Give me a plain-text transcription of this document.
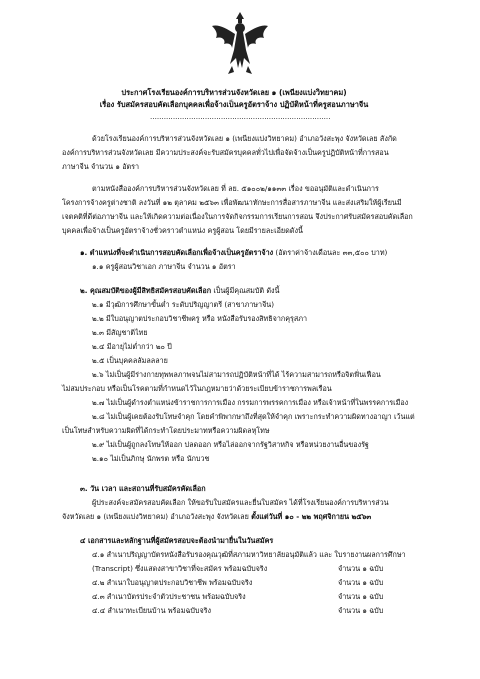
ประกาศโรงเรียนองค์การบริหารส่วนจังหวัดเลย ๑ (เพนียงแบ่งวิทยาคม)
เรื่อง รับสมัครสอบคัดเลือกบุคคลเพื่อจ้างเป็นครูอัตราจ้าง ปฏิบัติหน้าที่ครูสอนภาษาจีน
...............................................................................
ด้วยโรงเรียนองค์การบริหารส่วนจังหวัดเลย ๑ (เพนียงแบ่งวิทยาคม) อำเภอวังสะพุง จังหวัดเลย สังกัด
องค์การบริหารส่วนจังหวัดเลย มีความประสงค์จะรับสมัครบุคคลทั่วไปเพื่อจัดจ้างเป็นครูปฏิบัติหน้าที่การสอน
ภาษาจีน จำนวน ๑ อัตรา
ตามหนังสือองค์การบริหารส่วนจังหวัดเลย ที่ ลย. ๕๑๐๐๒/๑๑๓๓ เรื่อง ขออนุมัติและดำเนินการ
โครงการจ้างครูต่างชาติ ลงวันที่ ๑๒ ตุลาคม ๒๕๖๓ เพื่อพัฒนาทักษะการสื่อสารภาษาจีน และส่งเสริมให้ผู้เรียนมี
เจตคติที่ดีต่อภาษาจีน และให้เกิดความต่อเนื่องในการจัดกิจกรรมการเรียนการสอน จึงประกาศรับสมัครสอบคัดเลือก
บุคคลเพื่อจ้างเป็นครูอัตราจ้างชั่วคราวตำแหน่ง ครูผู้สอน โดยมีรายละเอียดดังนี้
๑. ตำแหน่งที่จะดำเนินการสอบคัดเลือกเพื่อจ้างเป็นครูอัตราจ้าง (อัตราค่าจ้างเดือนละ ๓๓,๕๐๐ บาท)
๑.๑ ครูผู้สอนวิชาเอก ภาษาจีน จำนวน ๑ อัตรา
๒. คุณสมบัติของผู้มีสิทธิสมัครสอบคัดเลือก เป็นผู้มีคุณสมบัติ ดังนี้
๒.๑ มีวุฒิการศึกษาขั้นต่ำ ระดับปริญญาตรี (สาขาภาษาจีน)
๒.๒ มีใบอนุญาตประกอบวิชาชีพครู หรือ หนังสือรับรองสิทธิจากคุรุสภา
๒.๓ มีสัญชาติไทย
๒.๔ มีอายุไม่ต่ำกว่า ๒๐ ปี
๒.๕ เป็นบุคคลลัมลลลาย
๒.๖ ไม่เป็นผู้มีร่างกายทุพพลภาพจนไม่สามารถปฏิบัติหน้าที่ได้ ไร้ความสามารถหรือจิตฟั่นเฟือน
ไม่สมประกอบ หรือเป็นโรคตามที่กำหนดไว้ในกฎหมายว่าด้วยระเบียบข้าราชการพลเรือน
๒.๗ ไม่เป็นผู้ดำรงตำแหน่งข้าราชการการเมือง กรรมการพรรคการเมือง หรือเจ้าหน้าที่ในพรรคการเมือง
๒.๘ ไม่เป็นผู้เคยต้องรับโทษจำคุก โดยคำพิพากษาถึงที่สุดให้จำคุก เพราะกระทำความผิดทางอาญา เว้นแต่
เป็นโทษสำหรับความผิดที่ได้กระทำโดยประมาทหรือความผิดลหุโทษ
๒.๙ ไม่เป็นผู้ถูกลงโทษให้ออก ปลดออก หรือไล่ออกจากรัฐวิสาหกิจ หรือหน่วยงานอื่นของรัฐ
๒.๑๐ ไม่เป็นภิกษุ นักพรต หรือ นักบวช
๓. วัน เวลา และสถานที่รับสมัครคัดเลือก
ผู้ประสงค์จะสมัครสอบคัดเลือก ให้ขอรับใบสมัครและยื่นใบสมัคร ได้ที่โรงเรียนองค์การบริหารส่วน
จังหวัดเลย ๑ (เพนียงแบ่งวิทยาคม) อำเภอวังสะพุง จังหวัดเลย ตั้งแต่วันที่ ๑๐ - ๒๒ พฤศจิกายน ๒๕๖๓
๔ เอกสารและหลักฐานที่ผู้สมัครสอบจะต้องนำมายื่นในวันสมัคร
๔.๑ สำเนาปริญญาบัตรหนังสือรับรองคุณวุฒิที่สภามหาวิทยาลัยอนุมัติแล้ว และ ใบรายงานผลการศึกษา
(Transcript) ซึ่งแสดงสาขาวิชาที่จะสมัคร พร้อมฉบับจริง	จำนวน ๑ ฉบับ
๔.๒ สำเนาใบอนุญาตประกอบวิชาชีพ พร้อมฉบับจริง	จำนวน ๑ ฉบับ
๔.๓ สำเนาบัตรประจำตัวประชาชน พร้อมฉบับจริง	จำนวน ๑ ฉบับ
๔.๔ สำเนาทะเบียนบ้าน พร้อมฉบับจริง	จำนวน ๑ ฉบับ
